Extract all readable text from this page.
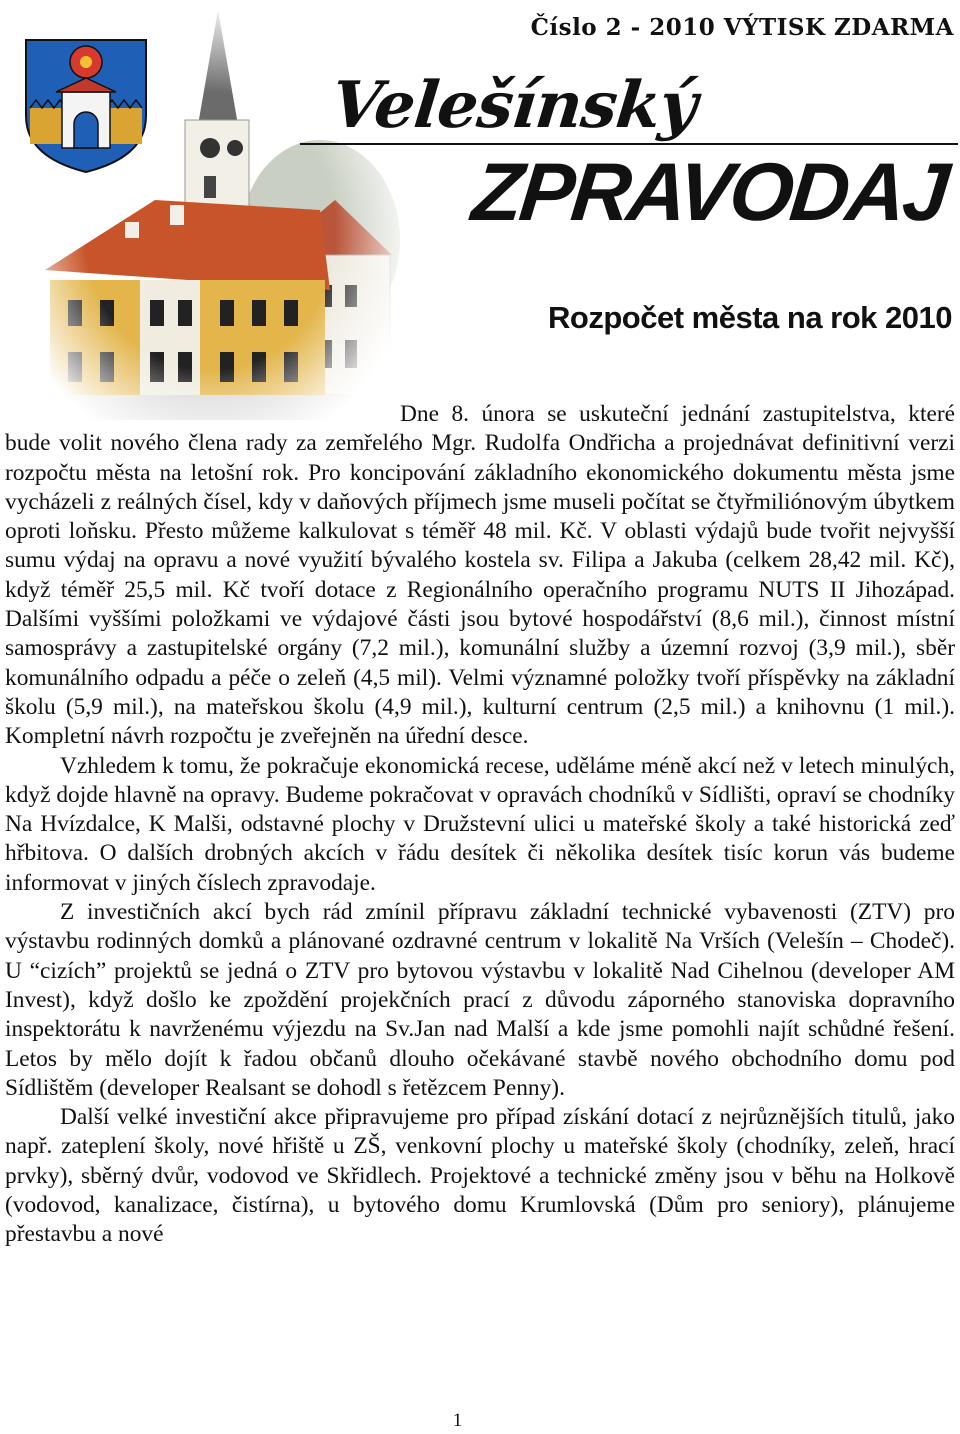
Číslo 2 - 2010 VÝTISK ZDARMA
Velešínský
ZPRAVODAJ
Rozpočet města na rok 2010

Dne 8. února se uskuteční jednání zastupitelstva, které bude volit nového člena rady za zemřelého Mgr. Rudolfa Ondřicha a projednávat definitivní verzi rozpočtu města na letošní rok. Pro koncipování základního ekonomického dokumentu města jsme vycházeli z reálných čísel, kdy v daňových příjmech jsme museli počítat se čtyřmiliónovým úbytkem oproti loňsku. Přesto můžeme kalkulovat s téměř 48 mil. Kč. V oblasti výdajů bude tvořit nejvyšší sumu výdaj na opravu a nové využití bývalého kostela sv. Filipa a Jakuba (celkem 28,42 mil. Kč), když téměř 25,5 mil. Kč tvoří dotace z Regionálního operačního programu NUTS II Jihozápad. Dalšími vyššími položkami ve výdajové části jsou bytové hospodářství (8,6 mil.), činnost místní samosprávy a zastupitelské orgány (7,2 mil.), komunální služby a územní rozvoj (3,9 mil.), sběr komunálního odpadu a péče o zeleň (4,5 mil). Velmi významné položky tvoří příspěvky na základní školu (5,9 mil.), na mateřskou školu (4,9 mil.), kulturní centrum (2,5 mil.) a knihovnu (1 mil.). Kompletní návrh rozpočtu je zveřejněn na úřední desce.

Vzhledem k tomu, že pokračuje ekonomická recese, uděláme méně akcí než v letech minulých, když dojde hlavně na opravy. Budeme pokračovat v opravách chodníků v Sídlišti, opraví se chodníky Na Hvízdalce, K Malši, odstavné plochy v Družstevní ulici u mateřské školy a také historická zeď hřbitova. O dalších drobných akcích v řádu desítek či několika desítek tisíc korun vás budeme informovat v jiných číslech zpravodaje.

Z investičních akcí bych rád zmínil přípravu základní technické vybavenosti (ZTV) pro výstavbu rodinných domků a plánované ozdravné centrum v lokalitě Na Vrších (Velešín – Chodeč). U “cizích” projektů se jedná o ZTV pro bytovou výstavbu v lokalitě Nad Cihelnou (developer AM Invest), když došlo ke zpoždění projekčních prací z důvodu záporného stanoviska dopravního inspektorátu k navrženému výjezdu na Sv.Jan nad Malší a kde jsme pomohli najít schůdné řešení. Letos by mělo dojít k řadou občanů dlouho očekávané stavbě nového obchodního domu pod Sídlištěm (developer Realsant se dohodl s řetězcem Penny).

Další velké investiční akce připravujeme pro případ získání dotací z nejrůznějších titulů, jako např. zateplení školy, nové hřiště u ZŠ, venkovní plochy u mateřské školy (chodníky, zeleň, hrací prvky), sběrný dvůr, vodovod ve Skřidlech. Projektové a technické změny jsou v běhu na Holkově (vodovod, kanalizace, čistírna), u bytového domu Krumlovská (Dům pro seniory), plánujeme přestavbu a nové

1
